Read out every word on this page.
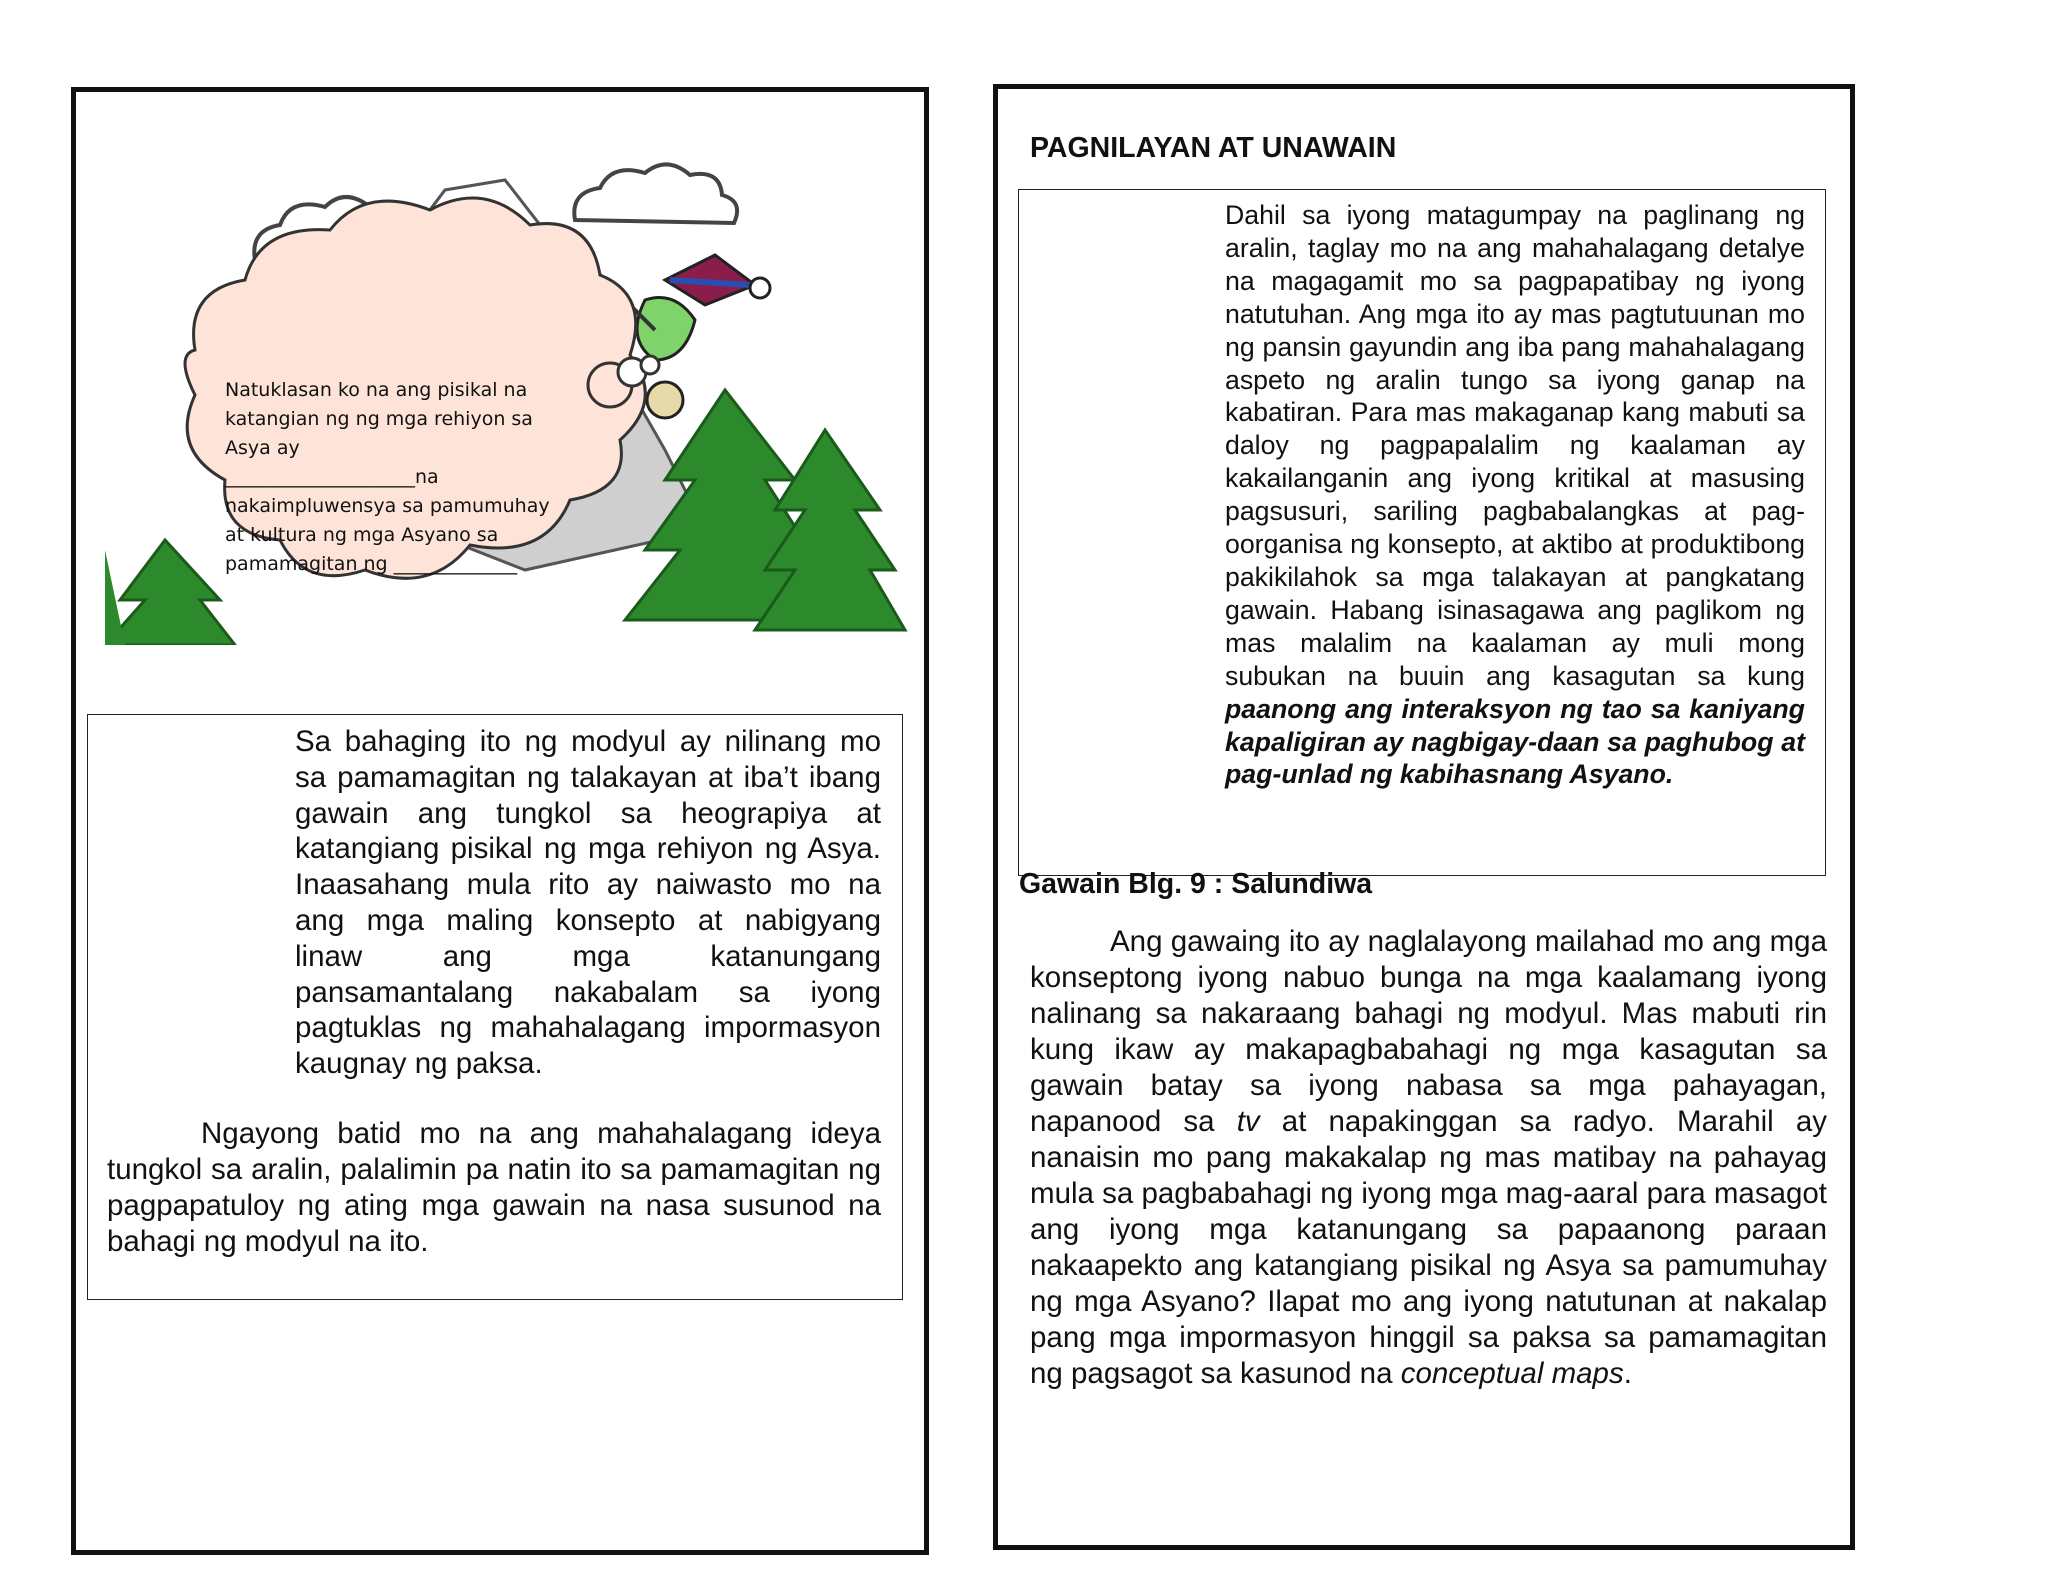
Natuklasan ko na ang pisikal na

katangian ng ng mga rehiyon sa

Asya ay

____________________na

nakaimpluwensya sa pamumuhay

at kultura ng mga Asyano sa

pamamagitan ng _____________

Sa bahaging ito ng modyul ay nilinang mo sa pamamagitan ng talakayan at iba’t ibang gawain ang tungkol sa heograpiya at katangiang pisikal ng mga rehiyon ng Asya. Inaasahang mula rito ay naiwasto mo na ang mga maling konsepto at nabigyang linaw ang mga katanungang pansamantalang nakabalam sa iyong pagtuklas ng mahahalagang impormasyon kaugnay ng paksa.

Ngayong batid mo na ang mahahalagang ideya tungkol sa aralin, palalimin pa natin ito sa pamamagitan ng pagpapatuloy ng ating mga gawain na nasa susunod na bahagi ng modyul na ito.

PAGNILAYAN AT UNAWAIN

Dahil sa iyong matagumpay na paglinang ng aralin, taglay mo na ang mahahalagang detalye na magagamit mo sa pagpapatibay ng iyong natutuhan. Ang mga ito ay mas pagtutuunan mo ng pansin gayundin ang iba pang mahahalagang aspeto ng aralin tungo sa iyong ganap na kabatiran. Para mas makaganap kang mabuti sa daloy ng pagpapalalim ng kaalaman ay kakailanganin ang iyong kritikal at masusing pagsusuri, sariling pagbabalangkas at pag-oorganisa ng konsepto, at aktibo at produktibong pakikilahok sa mga talakayan at pangkatang gawain. Habang isinasagawa ang paglikom ng mas malalim na kaalaman ay muli mong subukan na buuin ang kasagutan sa kung paanong ang interaksyon ng tao sa kaniyang kapaligiran ay nagbigay-daan sa paghubog at pag-unlad ng kabihasnang Asyano.

Gawain Blg. 9 : Salundiwa

Ang gawaing ito ay naglalayong mailahad mo ang mga konseptong iyong nabuo bunga na mga kaalamang iyong nalinang sa nakaraang bahagi ng modyul. Mas mabuti rin kung ikaw ay makapagbabahagi ng mga kasagutan sa gawain batay sa iyong nabasa sa mga pahayagan, napanood sa tv at napakinggan sa radyo. Marahil ay nanaisin mo pang makakalap ng mas matibay na pahayag mula sa pagbabahagi ng iyong mga mag-aaral para masagot ang iyong mga katanungang sa papaanong paraan nakaapekto ang katangiang pisikal ng Asya sa pamumuhay ng mga Asyano? Ilapat mo ang iyong natutunan at nakalap pang mga impormasyon hinggil sa paksa sa pamamagitan ng pagsagot sa kasunod na conceptual maps.
